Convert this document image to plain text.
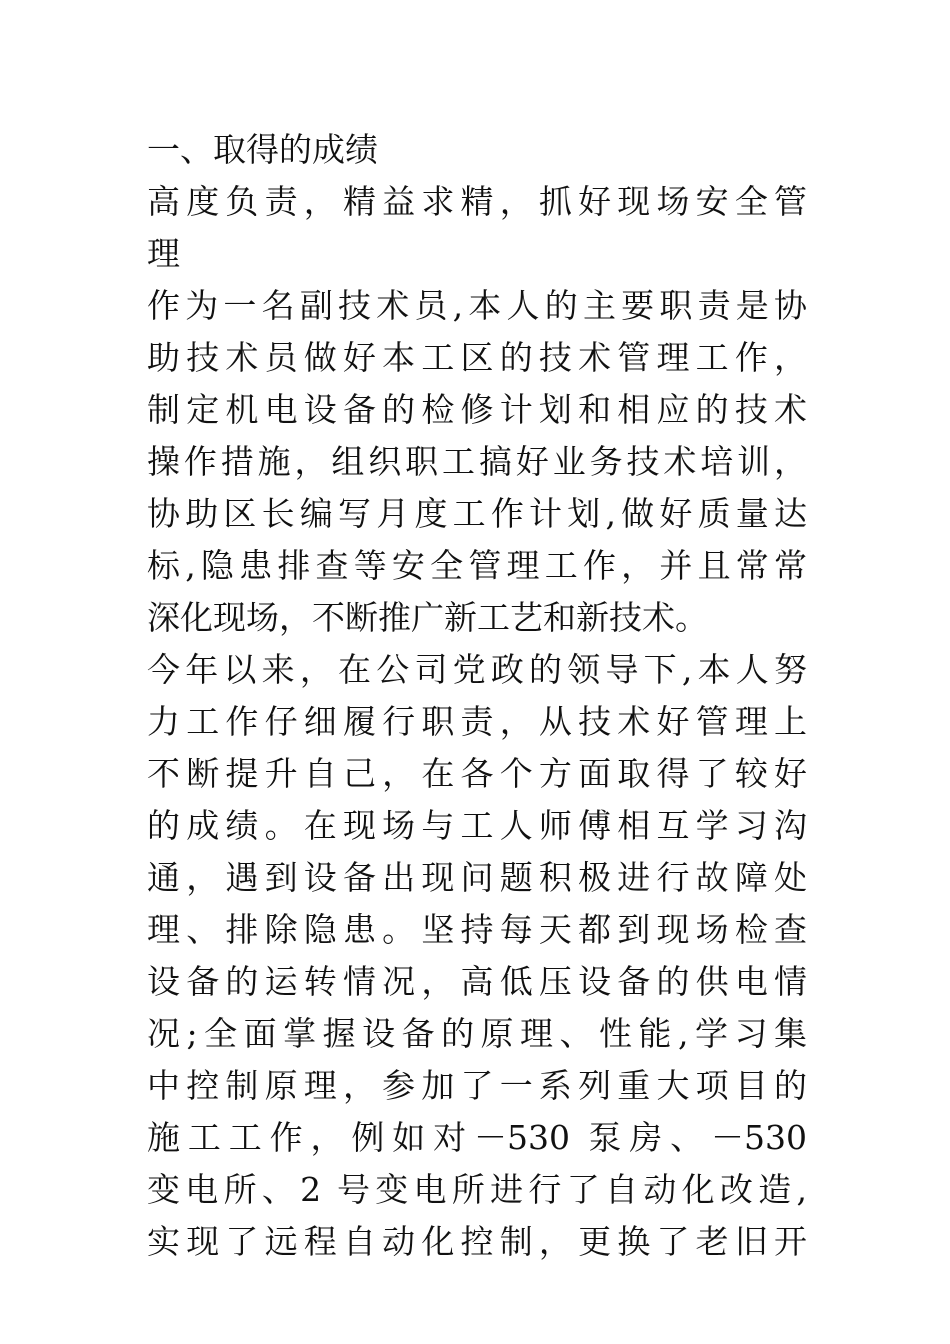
一、取得的成绩
高度负责，精益求精，抓好现场安全管
理
作为一名副技术员,本人的主要职责是协
助技术员做好本工区的技术管理工作，
制定机电设备的检修计划和相应的技术
操作措施，组织职工搞好业务技术培训，
协助区长编写月度工作计划,做好质量达
标,隐患排查等安全管理工作，并且常常
深化现场，不断推广新工艺和新技术。
今年以来，在公司党政的领导下,本人努
力工作仔细履行职责，从技术好管理上
不断提升自己，在各个方面取得了较好
的成绩。在现场与工人师傅相互学习沟
通，遇到设备出现问题积极进行故障处
理、排除隐患。坚持每天都到现场检查
设备的运转情况，高低压设备的供电情
况;全面掌握设备的原理、性能,学习集
中控制原理，参加了一系列重大项目的
施工工作，例如对－530 泵房、－530
变电所、2 号变电所进行了自动化改造,
实现了远程自动化控制，更换了老旧开
